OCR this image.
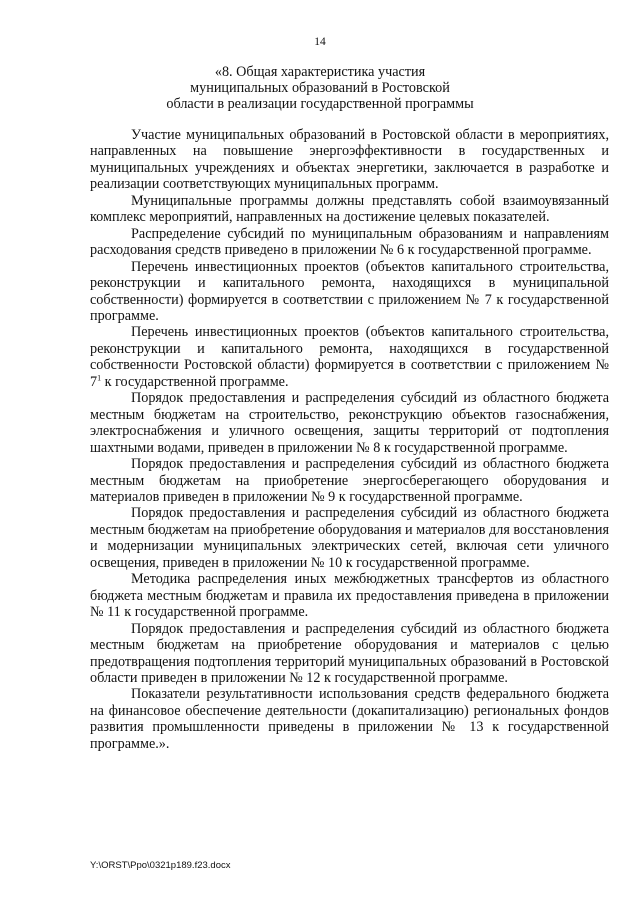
14
«8. Общая характеристика участия
муниципальных образований в Ростовской
области в реализации государственной программы

Участие муниципальных образований в Ростовской области в мероприятиях, направленных на повышение энергоэффективности в государственных и муниципальных учреждениях и объектах энергетики, заключается в разработке и реализации соответствующих муниципальных программ.

Муниципальные программы должны представлять собой взаимоувязанный комплекс мероприятий, направленных на достижение целевых показателей.

Распределение субсидий по муниципальным образованиям и направлениям расходования средств приведено в приложении № 6 к государственной программе.

Перечень инвестиционных проектов (объектов капитального строительства, реконструкции и капитального ремонта, находящихся в муниципальной собственности) формируется в соответствии с приложением № 7 к государственной программе.

Перечень инвестиционных проектов (объектов капитального строительства, реконструкции и капитального ремонта, находящихся в государственной собственности Ростовской области) формируется в соответствии с приложением № $7^1$ к государственной программе.

Порядок предоставления и распределения субсидий из областного бюджета местным бюджетам на строительство, реконструкцию объектов газоснабжения, электроснабжения и уличного освещения, защиты территорий от подтопления шахтными водами, приведен в приложении № 8 к государственной программе.

Порядок предоставления и распределения субсидий из областного бюджета местным бюджетам на приобретение энергосберегающего оборудования и материалов приведен в приложении № 9 к государственной программе.

Порядок предоставления и распределения субсидий из областного бюджета местным бюджетам на приобретение оборудования и материалов для восстановления и модернизации муниципальных электрических сетей, включая сети уличного освещения, приведен в приложении № 10 к государственной программе.

Методика распределения иных межбюджетных трансфертов из областного бюджета местным бюджетам и правила их предоставления приведена в приложении № 11 к государственной программе.

Порядок предоставления и распределения субсидий из областного бюджета местным бюджетам на приобретение оборудования и материалов с целью предотвращения подтопления территорий муниципальных образований в Ростовской области приведен в приложении № 12 к государственной программе.

Показатели результативности использования средств федерального бюджета на финансовое обеспечение деятельности (докапитализацию) региональных фондов развития промышленности приведены в приложении № 13 к государственной программе.».

Y:\ORST\Ppo\0321p189.f23.docx
